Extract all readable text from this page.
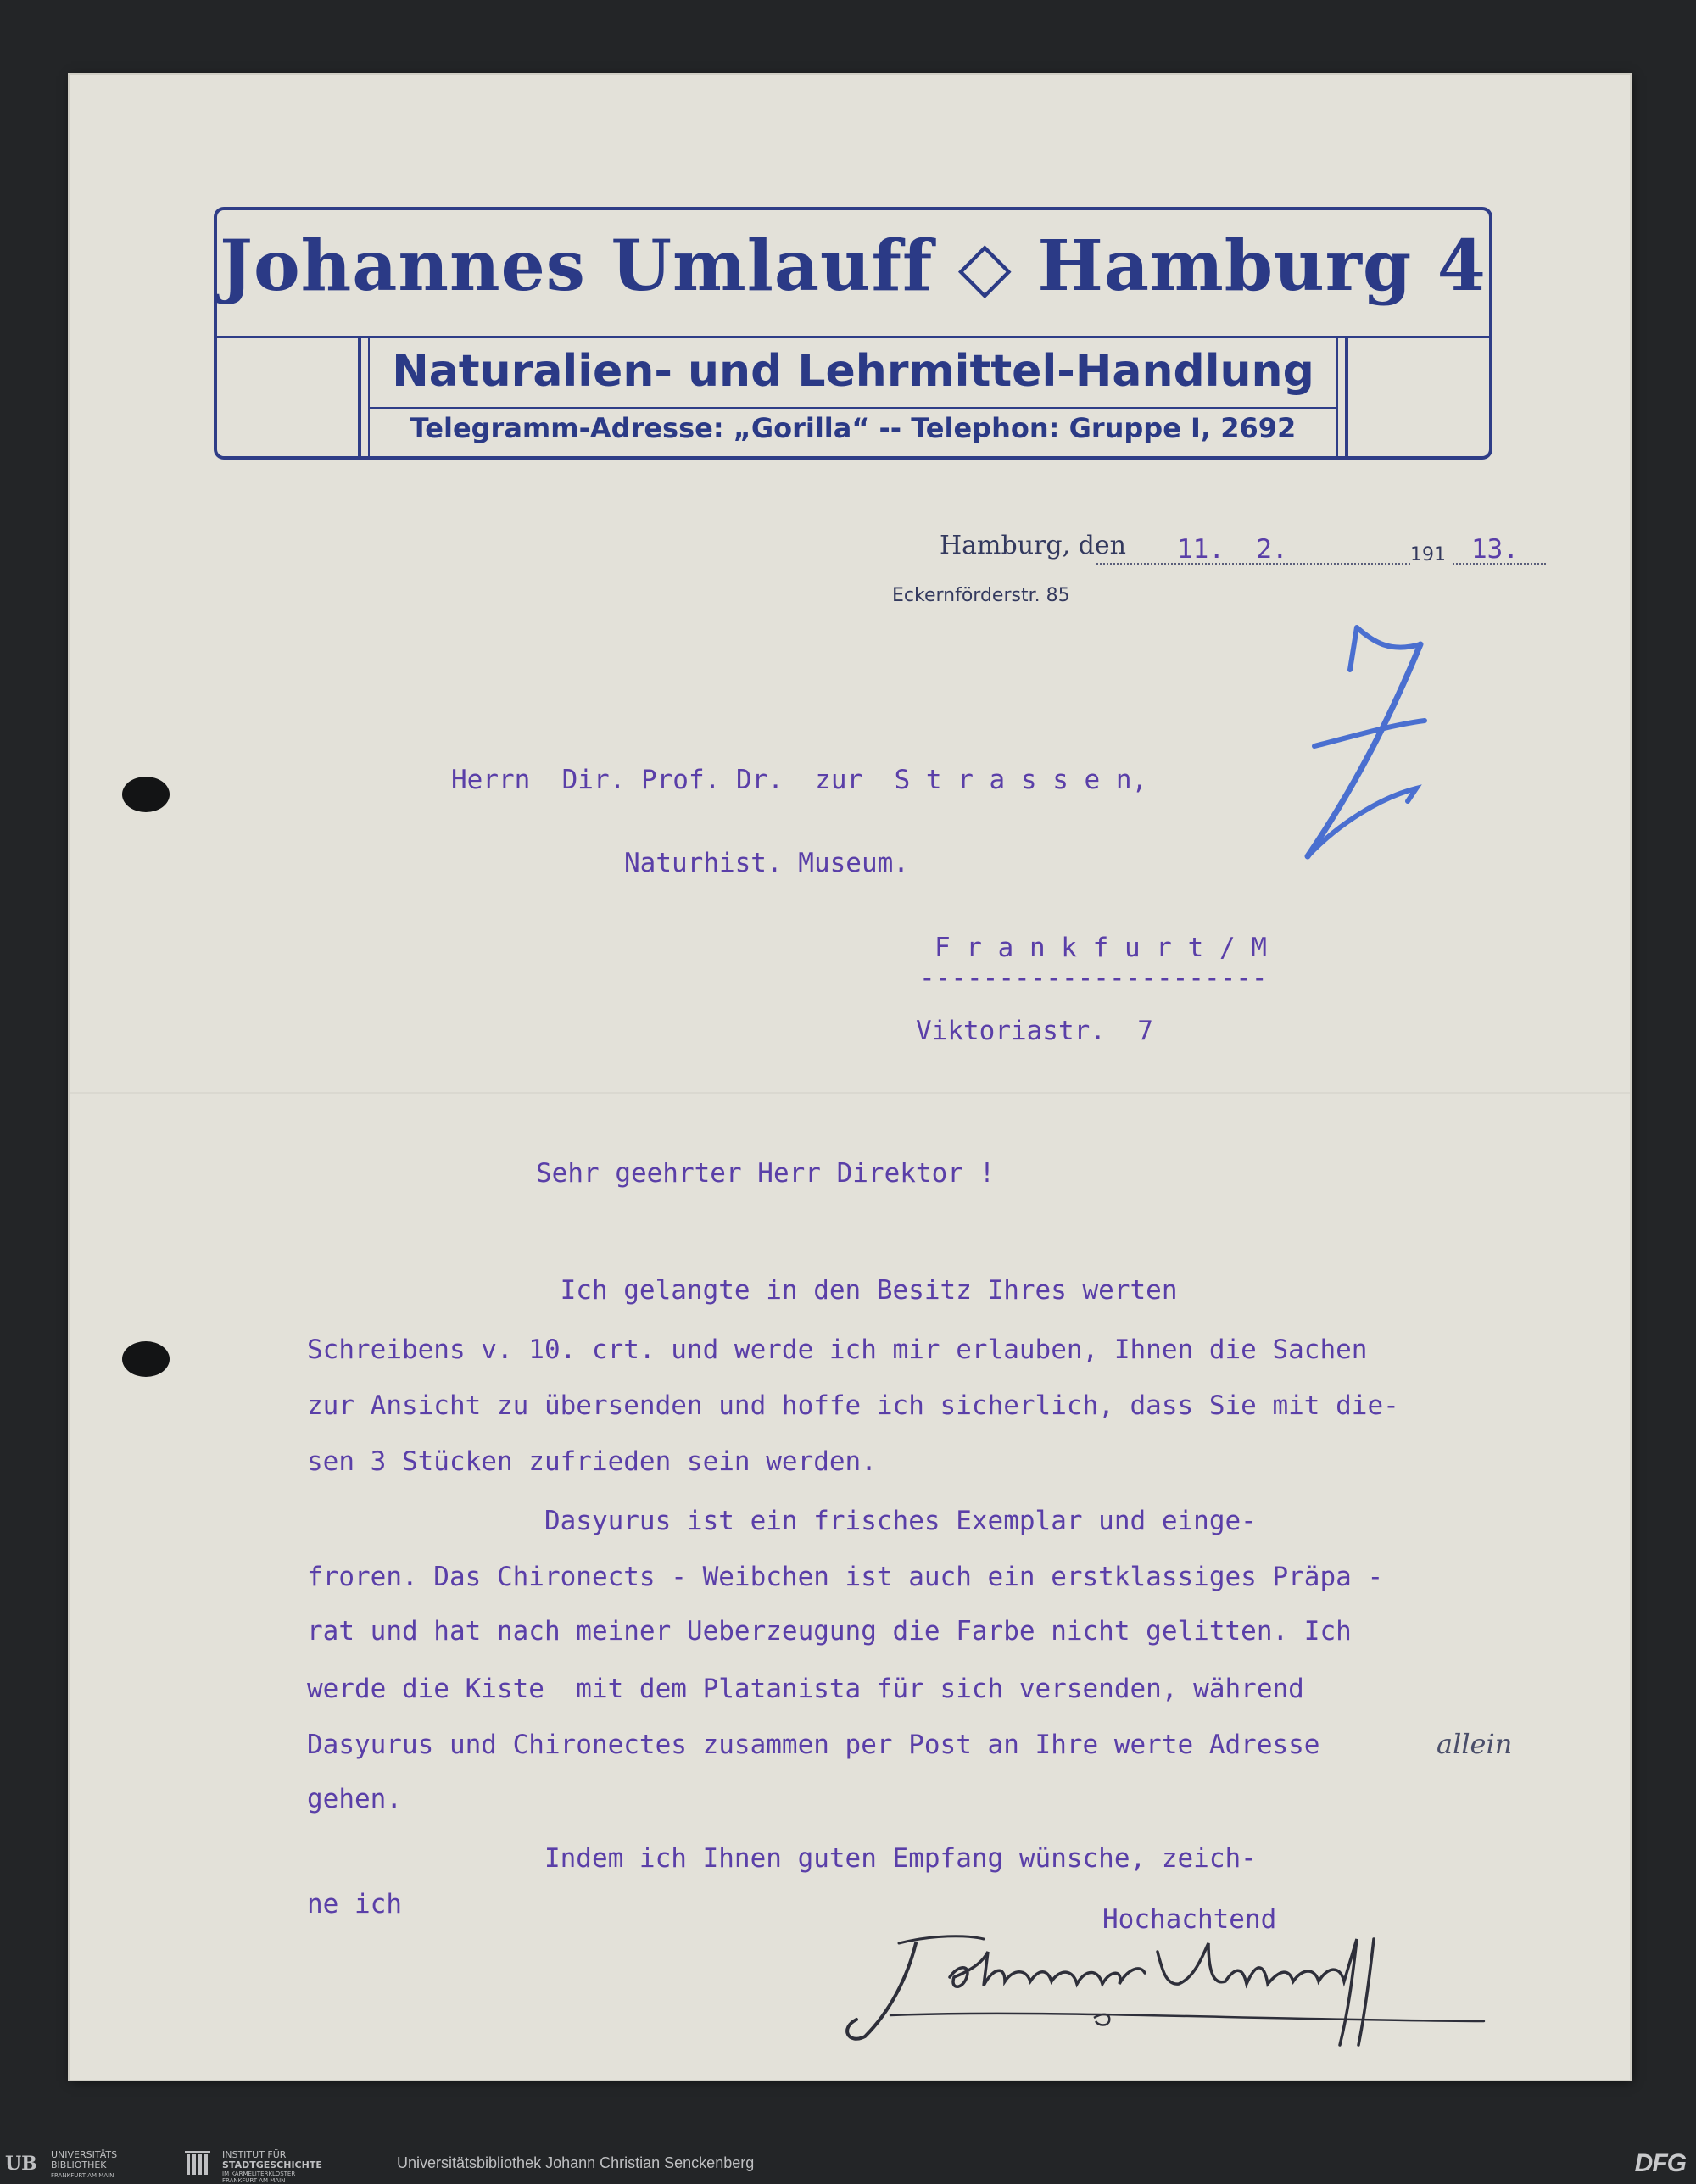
Johannes Umlauff ◇ Hamburg 4
Naturalien- und Lehrmittel-Handlung
Telegramm-Adresse: „Gorilla“ -- Telephon: Gruppe I, 2692
Hamburg, den	191
11.  2.	13.
Eckernförderstr. 85
Herrn  Dir. Prof. Dr.  zur  S t r a s s e n,
Naturhist. Museum.
F r a n k f u r t / M
----------------------
Viktoriastr.  7
Sehr geehrter Herr Direktor !
Ich gelangte in den Besitz Ihres werten
Schreibens v. 10. crt. und werde ich mir erlauben, Ihnen die Sachen
zur Ansicht zu übersenden und hoffe ich sicherlich, dass Sie mit die-
sen 3 Stücken zufrieden sein werden.
Dasyurus ist ein frisches Exemplar und einge-
froren. Das Chironects - Weibchen ist auch ein erstklassiges Präpa -
rat und hat nach meiner Ueberzeugung die Farbe nicht gelitten. Ich
werde die Kiste  mit dem Platanista für sich versenden, während
Dasyurus und Chironectes zusammen per Post an Ihre werte Adresse
gehen.
Indem ich Ihnen guten Empfang wünsche, zeich-
ne ich
allein
Hochachtend
UB UNIVERSITÄTS
BIBLIOTHEK
FRANKFURT AM MAIN
INSTITUT FÜR
STADTGESCHICHTE
IM KARMELITERKLOSTER
FRANKFURT AM MAIN
Universitätsbibliothek Johann Christian Senckenberg	DFG
